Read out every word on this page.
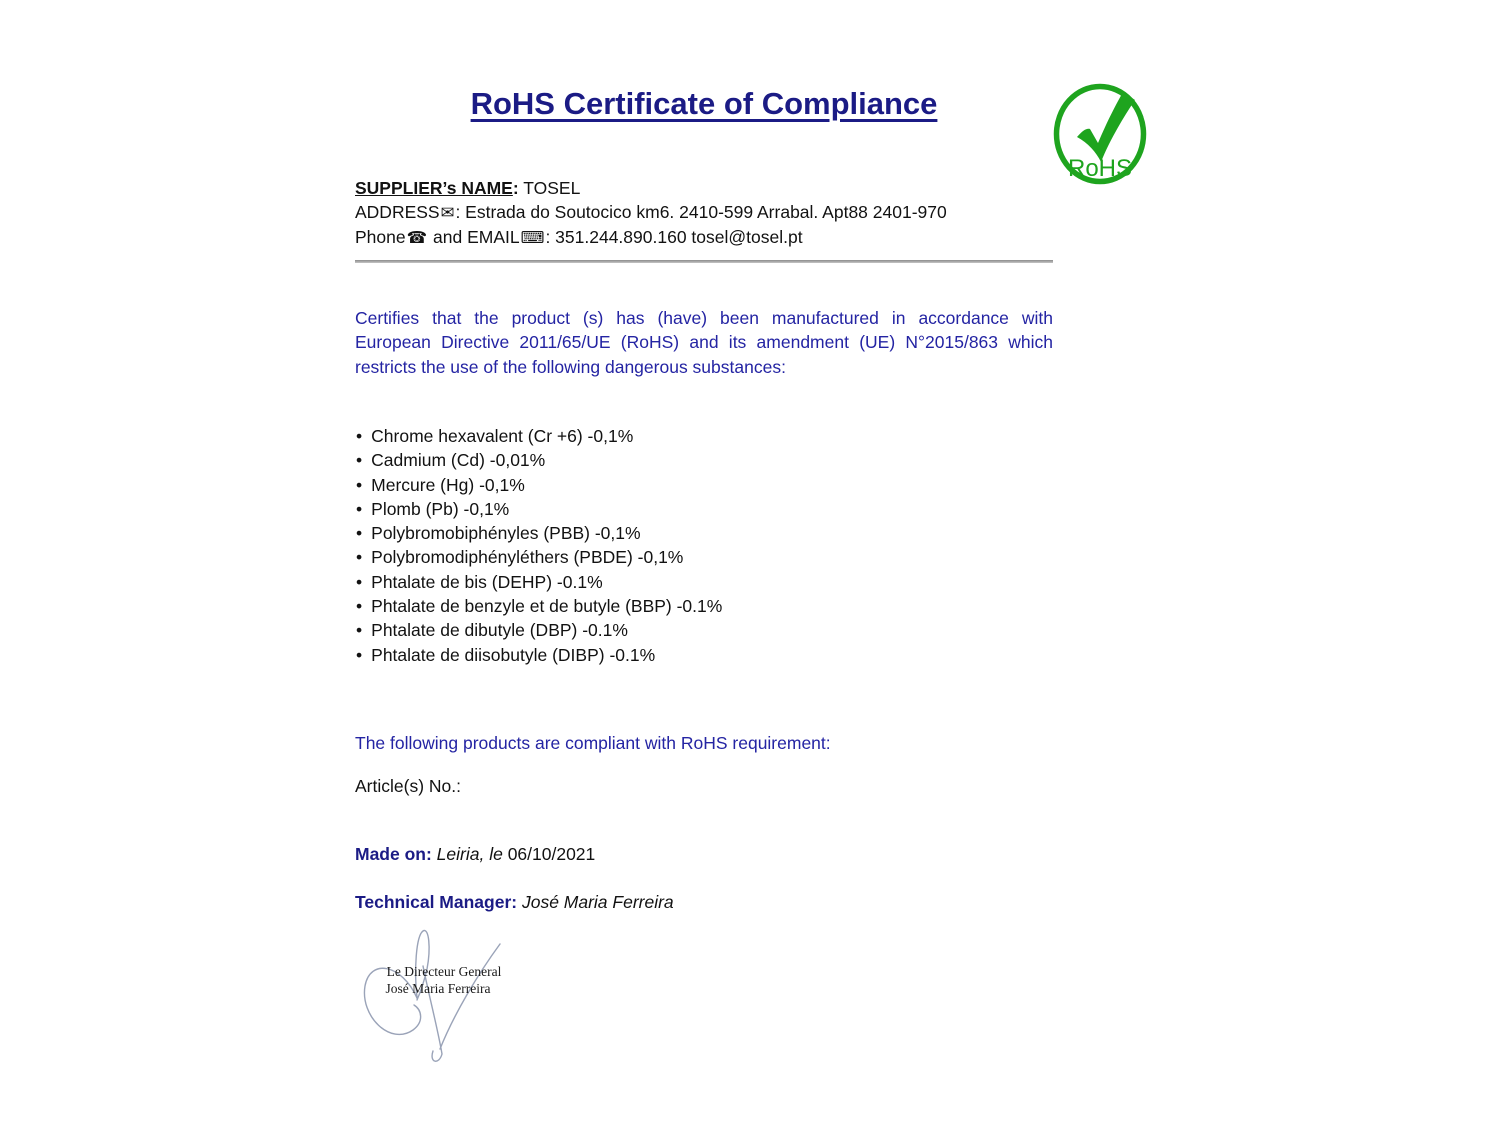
RoHS Certificate of Compliance
RoHS
SUPPLIER’s NAME: TOSEL
ADDRESS✉: Estrada do Soutocico km6. 2410-599 Arrabal. Apt88 2401-970
Phone☎ and EMAIL⌨: 351.244.890.160 tosel@tosel.pt
Certifies that the product (s) has (have) been manufactured in accordance with
European Directive 2011/65/UE (RoHS) and its amendment (UE) N°2015/863 which
restricts the use of the following dangerous substances:
• Chrome hexavalent (Cr +6) -0,1%
• Cadmium (Cd) -0,01%
• Mercure (Hg) -0,1%
• Plomb (Pb) -0,1%
• Polybromobiphényles (PBB) -0,1%
• Polybromodiphényléthers (PBDE) -0,1%
• Phtalate de bis (DEHP) -0.1%
• Phtalate de benzyle et de butyle (BBP) -0.1%
• Phtalate de dibutyle (DBP) -0.1%
• Phtalate de diisobutyle (DIBP) -0.1%
The following products are compliant with RoHS requirement:
Article(s) No.:
Made on: Leiria, le 06/10/2021
Technical Manager: José Maria Ferreira
Le Directeur General
José Maria Ferreira
